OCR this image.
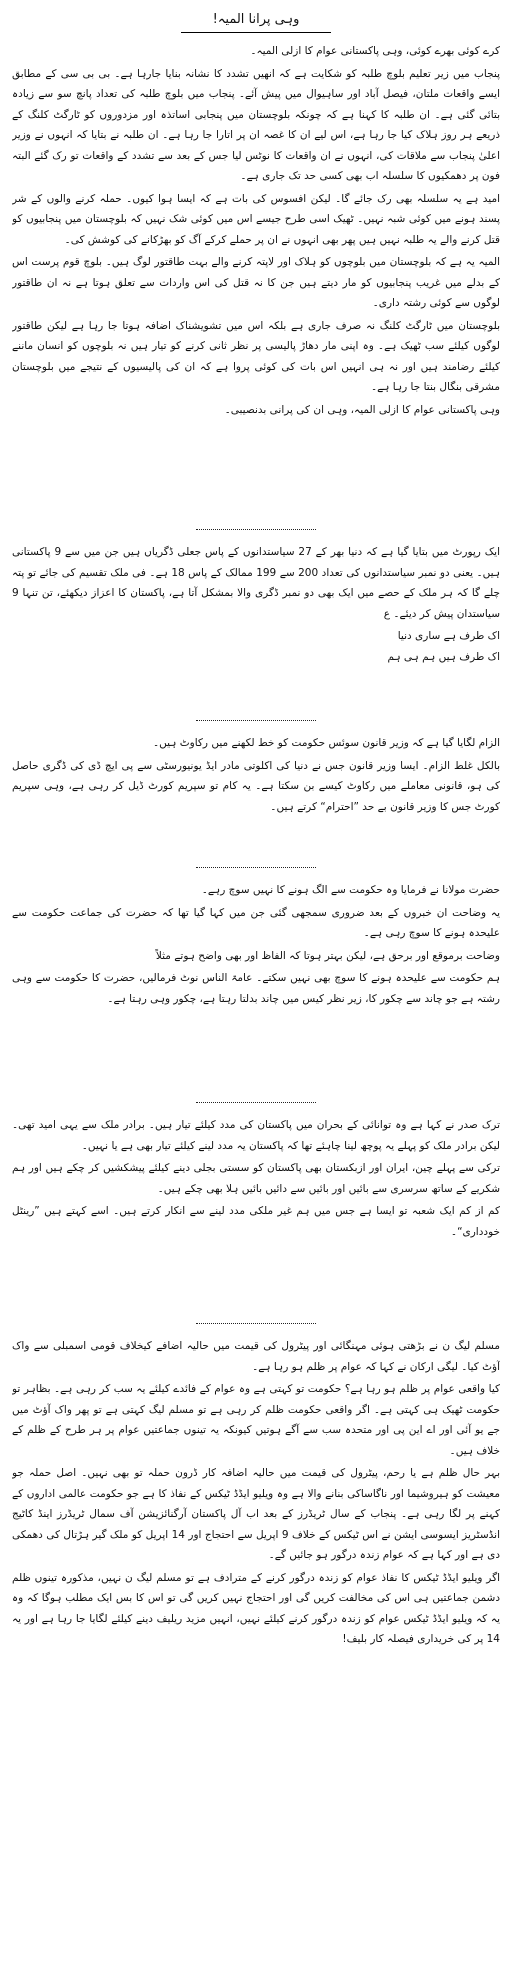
وہی پرانا المیہ!

کرے کوئی بھرے کوئی، وہی پاکستانی عوام کا ازلی المیہ۔

پنجاب میں زیر تعلیم بلوچ طلبہ کو شکایت ہے کہ انھیں تشدد کا نشانہ بنایا جارہا ہے۔ بی بی سی کے مطابق ایسے واقعات ملتان، فیصل آباد اور ساہیوال میں پیش آئے۔ پنجاب میں بلوچ طلبہ کی تعداد پانچ سو سے زیادہ بتائی گئی ہے۔ ان طلبہ کا کہنا ہے کہ چونکہ بلوچستان میں پنجابی اساتذہ اور مزدوروں کو ٹارگٹ کلنگ کے ذریعے ہر روز ہلاک کیا جا رہا ہے، اس لیے ان کا غصہ ان پر اتارا جا رہا ہے۔ ان طلبہ نے بتایا کہ انہوں نے وزیر اعلیٰ پنجاب سے ملاقات کی، انہوں نے ان واقعات کا نوٹس لیا جس کے بعد سے تشدد کے واقعات تو رک گئے البتہ فون پر دھمکیوں کا سلسلہ اب بھی کسی حد تک جاری ہے۔

امید ہے یہ سلسلہ بھی رک جائے گا۔ لیکن افسوس کی بات ہے کہ ایسا ہوا کیوں۔ حملہ کرنے والوں کے شر پسند ہونے میں کوئی شبہ نہیں۔ ٹھیک اسی طرح جیسے اس میں کوئی شک نہیں کہ بلوچستان میں پنجابیوں کو قتل کرنے والے یہ طلبہ نہیں ہیں پھر بھی انہوں نے ان پر حملے کرکے آگ کو بھڑکانے کی کوشش کی۔

المیہ یہ ہے کہ بلوچستان میں بلوچوں کو ہلاک اور لاپتہ کرنے والے بہت طاقتور لوگ ہیں۔ بلوچ قوم پرست اس کے بدلے میں غریب پنجابیوں کو مار دیتے ہیں جن کا نہ قتل کی اس واردات سے تعلق ہوتا ہے نہ ان طاقتور لوگوں سے کوئی رشتہ داری۔

بلوچستان میں ٹارگٹ کلنگ نہ صرف جاری ہے بلکہ اس میں تشویشناک اضافہ ہوتا جا رہا ہے لیکن طاقتور لوگوں کیلئے سب ٹھیک ہے۔ وہ اپنی مار دھاڑ پالیسی پر نظر ثانی کرنے کو تیار ہیں نہ بلوچوں کو انسان ماننے کیلئے رضامند ہیں اور نہ ہی انہیں اس بات کی کوئی پروا ہے کہ ان کی پالیسیوں کے نتیجے میں بلوچستان مشرقی بنگال بنتا جا رہا ہے۔

وہی پاکستانی عوام کا ازلی المیہ، وہی ان کی پرانی بدنصیبی۔

ایک رپورٹ میں بتایا گیا ہے کہ دنیا بھر کے 27 سیاستدانوں کے پاس جعلی ڈگریاں ہیں جن میں سے 9 پاکستانی ہیں۔ یعنی دو نمبر سیاستدانوں کی تعداد 200 سے 199 ممالک کے پاس 18 ہے۔ فی ملک تقسیم کی جائے تو پتہ چلے گا کہ ہر ملک کے حصے میں ایک بھی دو نمبر ڈگری والا بمشکل آتا ہے، پاکستان کا اعزاز دیکھئے، تن تنہا 9 سیاستدان پیش کر دیئے۔ ع

اک طرف ہے ساری دنیا

اک طرف ہیں ہم ہی ہم

الزام لگایا گیا ہے کہ وزیر قانون سوئس حکومت کو خط لکھنے میں رکاوٹ ہیں۔

بالکل غلط الزام۔ ایسا وزیر قانون جس نے دنیا کی اکلوتی مادر ایڈ یونیورسٹی سے پی ایچ ڈی کی ڈگری حاصل کی ہو، قانونی معاملے میں رکاوٹ کیسے بن سکتا ہے۔ یہ کام تو سپریم کورٹ ڈیل کر رہی ہے، وہی سپریم کورٹ جس کا وزیر قانون بے حد ”احترام“ کرتے ہیں۔

حضرت مولانا نے فرمایا وہ حکومت سے الگ ہونے کا نہیں سوچ رہے۔

یہ وضاحت ان خبروں کے بعد ضروری سمجھی گئی جن میں کہا گیا تھا کہ حضرت کی جماعت حکومت سے علیحدہ ہونے کا سوچ رہی ہے۔

وضاحت برموقع اور برحق ہے، لیکن بہتر ہوتا کہ الفاظ اور بھی واضح ہوتے مثلاً

ہم حکومت سے علیحدہ ہونے کا سوچ بھی نہیں سکتے۔ عامۃ الناس نوٹ فرمالیں، حضرت کا حکومت سے وہی رشتہ ہے جو چاند سے چکور کا، زیر نظر کیس میں چاند بدلتا رہتا ہے، چکور وہی رہتا ہے۔

ترک صدر نے کہا ہے وہ توانائی کے بحران میں پاکستان کی مدد کیلئے تیار ہیں۔ برادر ملک سے یہی امید تھی۔ لیکن برادر ملک کو پہلے یہ پوچھ لینا چاہئے تھا کہ پاکستان یہ مدد لینے کیلئے تیار بھی ہے یا نہیں۔

ترکی سے پہلے چین، ایران اور ازبکستان بھی پاکستان کو سستی بجلی دینے کیلئے پیشکشیں کر چکے ہیں اور ہم شکریے کے ساتھ سرسری سے بائیں اور بائیں سے دائیں بائیں ہلا بھی چکے ہیں۔

کم از کم ایک شعبہ تو ایسا ہے جس میں ہم غیر ملکی مدد لینے سے انکار کرتے ہیں۔ اسے کہتے ہیں ”رینٹل خودداری“۔

مسلم لیگ ن نے بڑھتی ہوئی مہنگائی اور پیٹرول کی قیمت میں حالیہ اضافے کیخلاف قومی اسمبلی سے واک آؤٹ کیا۔ لیگی ارکان نے کہا کہ عوام پر ظلم ہو رہا ہے۔

کیا واقعی عوام پر ظلم ہو رہا ہے؟ حکومت تو کہتی ہے وہ عوام کے فائدے کیلئے یہ سب کر رہی ہے۔ بظاہر تو حکومت ٹھیک ہی کہتی ہے۔ اگر واقعی حکومت ظلم کر رہی ہے تو مسلم لیگ کہتی ہے تو پھر واک آؤٹ میں جے یو آئی اور اے این پی اور متحدہ سب سے آگے ہوتیں کیونکہ یہ تینوں جماعتیں عوام پر ہر طرح کے ظلم کے خلاف ہیں۔

بہر حال ظلم ہے یا رحم، پیٹرول کی قیمت میں حالیہ اضافہ کار ڈرون حملہ تو بھی نہیں۔ اصل حملہ جو معیشت کو ہیروشیما اور ناگاساکی بنانے والا ہے وہ ویلیو ایڈڈ ٹیکس کے نفاذ کا ہے جو حکومت عالمی اداروں کے کہنے پر لگا رہی ہے۔ پنجاب کے سال ٹریڈرز کے بعد اب آل پاکستان آرگنائزیشن آف سمال ٹریڈرز اینڈ کاٹیج انڈسٹریز ایسوسی ایشن نے اس ٹیکس کے خلاف 9 اپریل سے احتجاج اور 14 اپریل کو ملک گیر ہڑتال کی دھمکی دی ہے اور کہا ہے کہ عوام زندہ درگور ہو جائیں گے۔

اگر ویلیو ایڈڈ ٹیکس کا نفاذ عوام کو زندہ درگور کرنے کے مترادف ہے تو مسلم لیگ ن نہیں، مذکورہ تینوں ظلم دشمن جماعتیں ہی اس کی مخالفت کریں گی اور احتجاج نہیں کریں گی تو اس کا بس ایک مطلب ہوگا کہ وہ یہ کہ ویلیو ایڈڈ ٹیکس عوام کو زندہ درگور کرنے کیلئے نہیں، انہیں مزید ریلیف دینے کیلئے لگایا جا رہا ہے اور یہ 14 پر کی خریداری فیصلہ کار بلیف!
